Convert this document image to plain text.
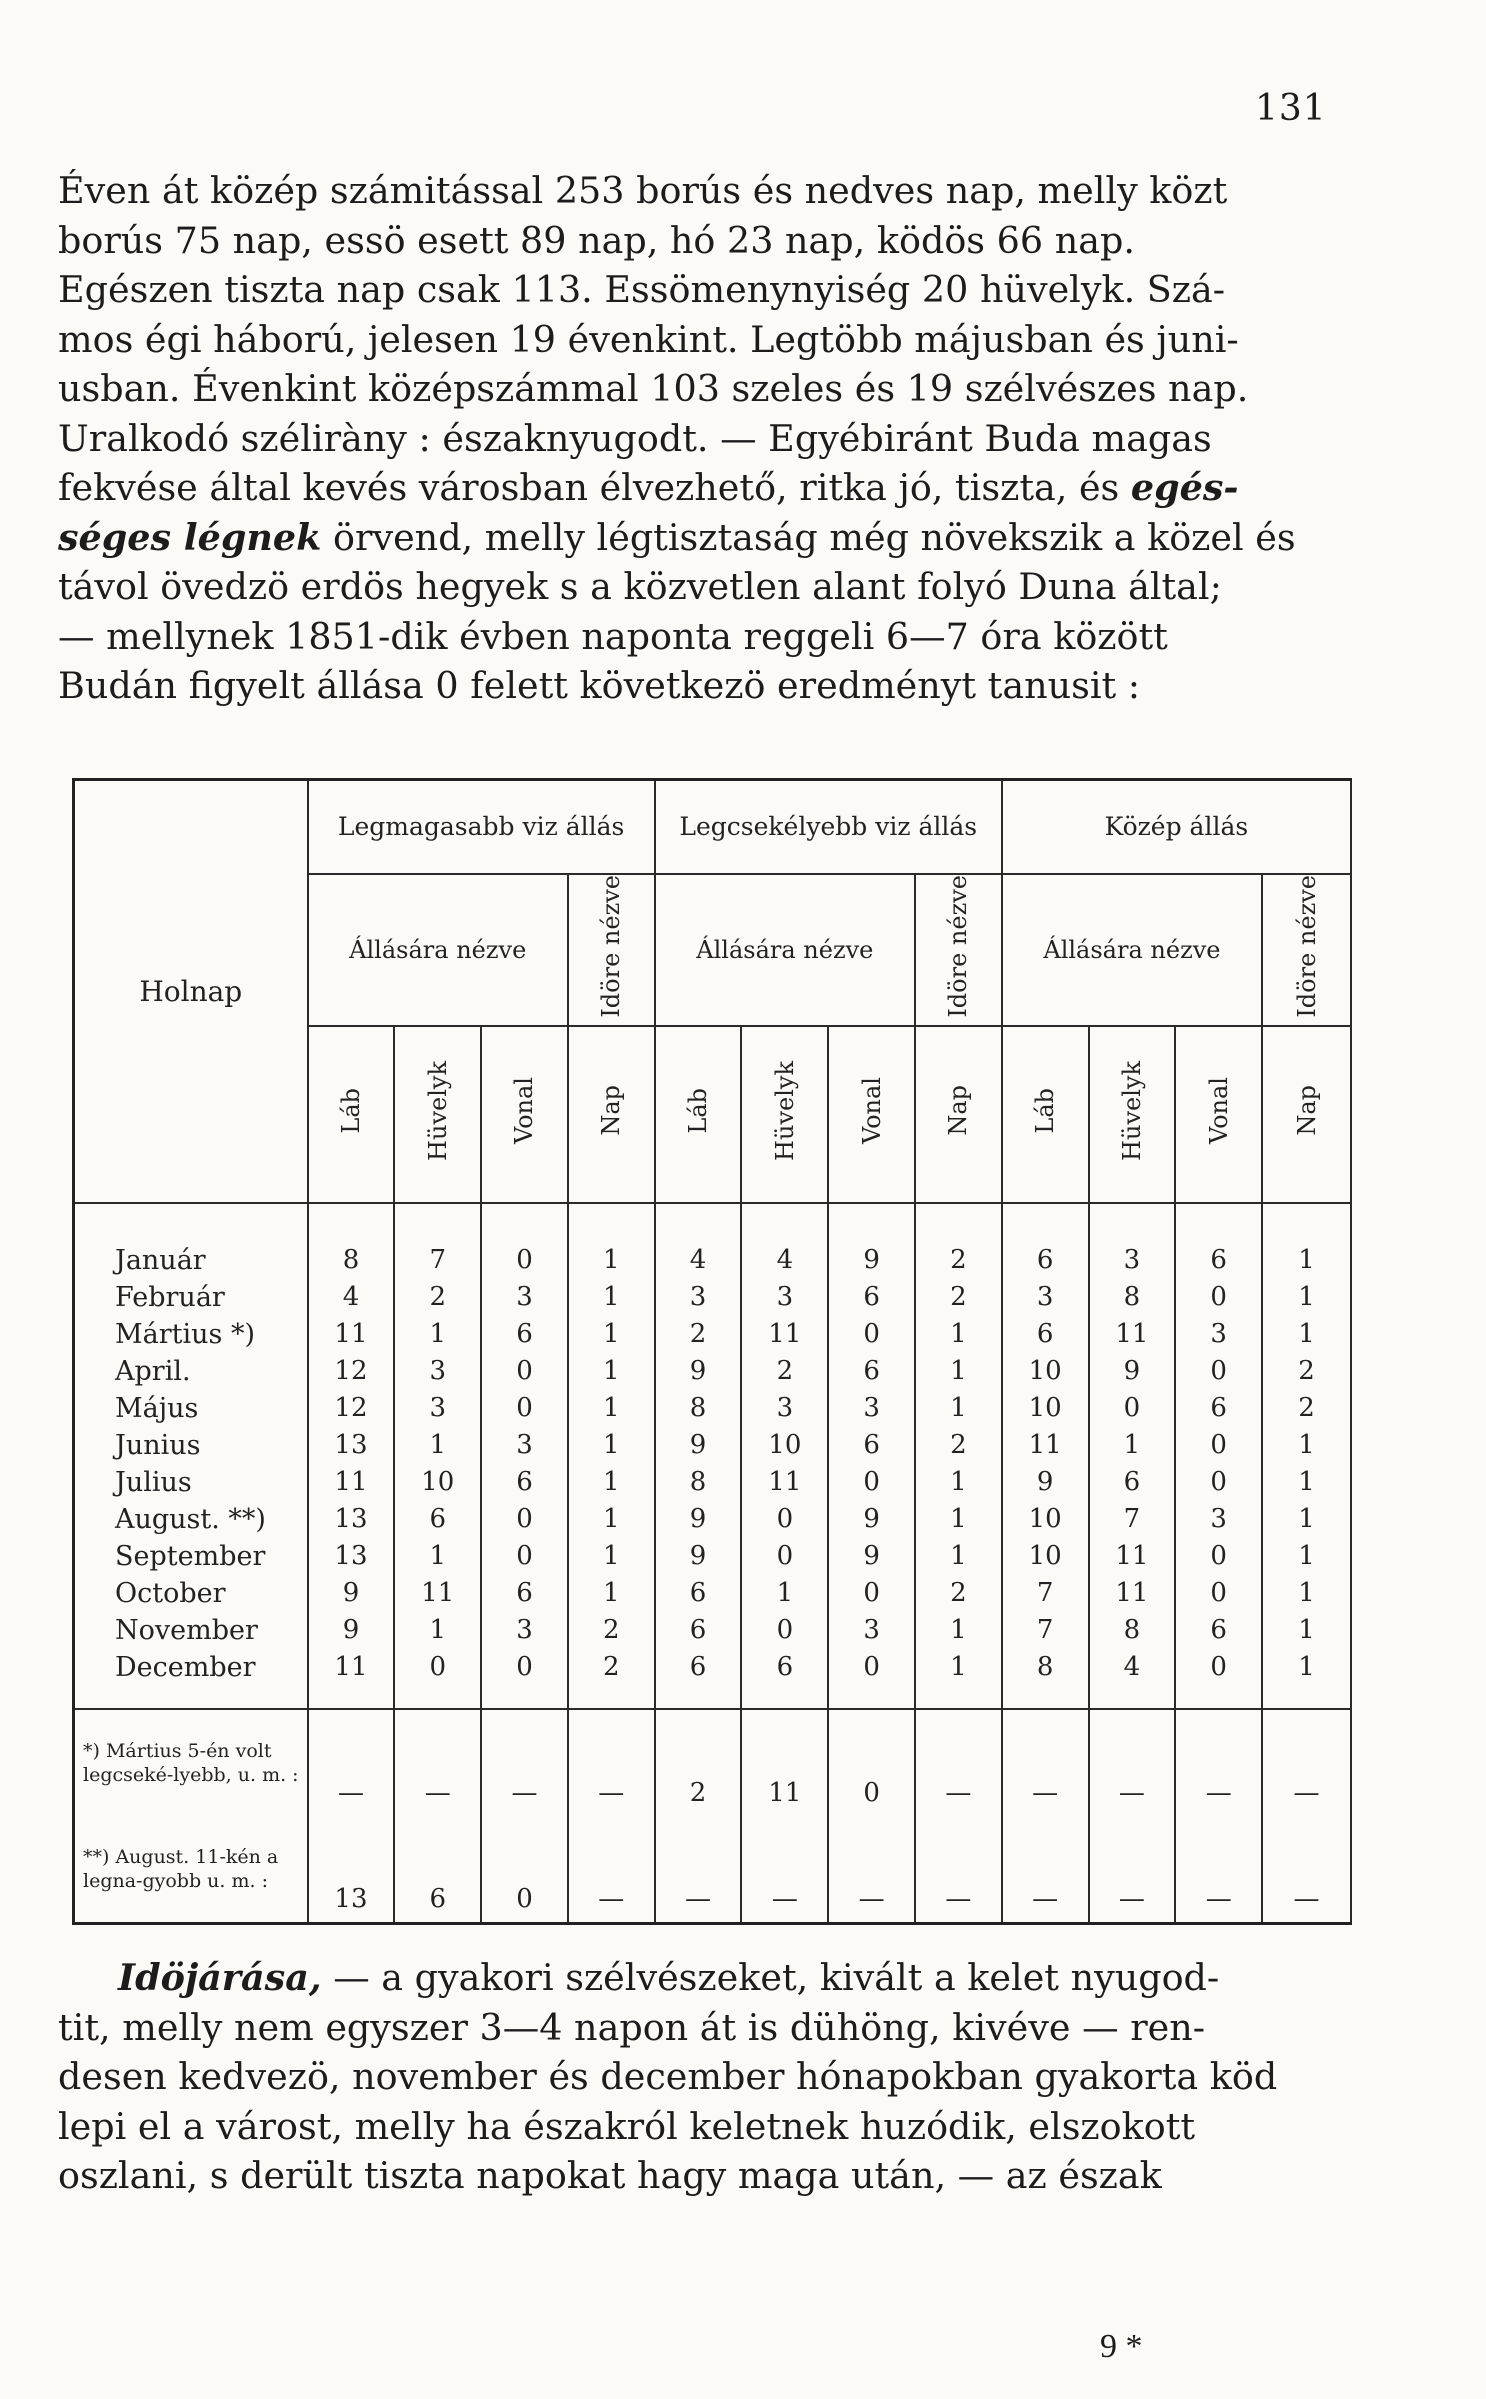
131

Éven át közép számitással 253 borús és nedves nap, melly közt

borús 75 nap, essö esett 89 nap, hó 23 nap, ködös 66 nap.

Egészen tiszta nap csak 113. Essömenynyiség 20 hüvelyk. Szá-

mos égi háború, jelesen 19 évenkint. Legtöbb májusban és juni-

usban. Évenkint középszámmal 103 szeles és 19 szélvészes nap.

Uralkodó széliràny : északnyugodt. — Egyébiránt Buda magas

fekvése által kevés városban élvezhető, ritka jó, tiszta, és egés-

séges légnek örvend, melly légtisztaság még növekszik a közel és

távol övedzö erdös hegyek s a közvetlen alant folyó Duna által;

— mellynek 1851-dik évben naponta reggeli 6—7 óra között

Budán figyelt állása 0 felett következö eredményt tanusit :

Holnap	Legmagasabb viz állás				Legcsekélyebb viz állás				Közép állás			
	Állására nézve			Idöre nézve	Állására nézve			Idöre nézve	Állására nézve			Idöre nézve
	Láb	Hüvelyk	Vonal	Nap	Láb	Hüvelyk	Vonal	Nap	Láb	Hüvelyk	Vonal	Nap
Január	8	7	0	1	4	4	9	2	6	3	6	1
Február	4	2	3	1	3	3	6	2	3	8	0	1
Mártius *)	11	1	6	1	2	11	0	1	6	11	3	1
April.	12	3	0	1	9	2	6	1	10	9	0	2
Május	12	3	0	1	8	3	3	1	10	0	6	2
Junius	13	1	3	1	9	10	6	2	11	1	0	1
Julius	11	10	6	1	8	11	0	1	9	6	0	1
August. **)	13	6	0	1	9	0	9	1	10	7	3	1
September	13	1	0	1	9	0	9	1	10	11	0	1
October	9	11	6	1	6	1	0	2	7	11	0	1
November	9	1	3	2	6	0	3	1	7	8	6	1
December	11	0	0	2	6	6	0	1	8	4	0	1
*) Mártius 5-én volt legcseké-lyebb, u. m. :	—	—	—	—	2	11	0	—	—	—	—	—
**) August. 11-kén a legna-gyobb u. m. :	13	6	0	—	—	—	—	—	—	—	—	—

Idöjárása, — a gyakori szélvészeket, kivált a kelet nyugod-

tit, melly nem egyszer 3—4 napon át is dühöng, kivéve — ren-

desen kedvezö, november és december hónapokban gyakorta köd

lepi el a várost, melly ha északról keletnek huzódik, elszokott

oszlani, s derült tiszta napokat hagy maga után, — az észak

9 *
